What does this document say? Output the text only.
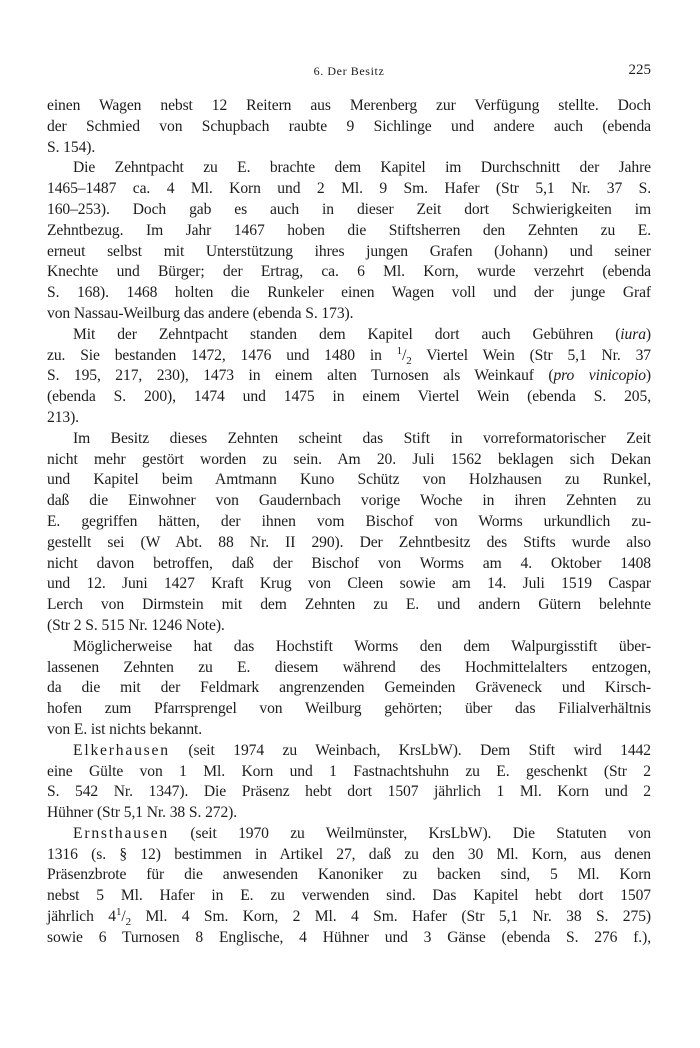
6. Der Besitz	225

einen Wagen nebst 12 Reitern aus Merenberg zur Verfügung stellte. Doch

der Schmied von Schupbach raubte 9 Sichlinge und andere auch (ebenda

S. 154).

Die Zehntpacht zu E. brachte dem Kapitel im Durchschnitt der Jahre

1465–1487 ca. 4 Ml. Korn und 2 Ml. 9 Sm. Hafer (Str 5,1 Nr. 37 S.

160–253). Doch gab es auch in dieser Zeit dort Schwierigkeiten im

Zehntbezug. Im Jahr 1467 hoben die Stiftsherren den Zehnten zu E.

erneut selbst mit Unterstützung ihres jungen Grafen (Johann) und seiner

Knechte und Bürger; der Ertrag, ca. 6 Ml. Korn, wurde verzehrt (ebenda

S. 168). 1468 holten die Runkeler einen Wagen voll und der junge Graf

von Nassau-Weilburg das andere (ebenda S. 173).

Mit der Zehntpacht standen dem Kapitel dort auch Gebühren (iura)

zu. Sie bestanden 1472, 1476 und 1480 in $^1/_2$ Viertel Wein (Str 5,1 Nr. 37

S. 195, 217, 230), 1473 in einem alten Turnosen als Weinkauf (pro vinicopio)

(ebenda S. 200), 1474 und 1475 in einem Viertel Wein (ebenda S. 205,

213).

Im Besitz dieses Zehnten scheint das Stift in vorreformatorischer Zeit

nicht mehr gestört worden zu sein. Am 20. Juli 1562 beklagen sich Dekan

und Kapitel beim Amtmann Kuno Schütz von Holzhausen zu Runkel,

daß die Einwohner von Gaudernbach vorige Woche in ihren Zehnten zu

E. gegriffen hätten, der ihnen vom Bischof von Worms urkundlich zu-

gestellt sei (W Abt. 88 Nr. II 290). Der Zehntbesitz des Stifts wurde also

nicht davon betroffen, daß der Bischof von Worms am 4. Oktober 1408

und 12. Juni 1427 Kraft Krug von Cleen sowie am 14. Juli 1519 Caspar

Lerch von Dirmstein mit dem Zehnten zu E. und andern Gütern belehnte

(Str 2 S. 515 Nr. 1246 Note).

Möglicherweise hat das Hochstift Worms den dem Walpurgisstift über-

lassenen Zehnten zu E. diesem während des Hochmittelalters entzogen,

da die mit der Feldmark angrenzenden Gemeinden Gräveneck und Kirsch-

hofen zum Pfarrsprengel von Weilburg gehörten; über das Filialverhältnis

von E. ist nichts bekannt.

Elkerhausen (seit 1974 zu Weinbach, KrsLbW). Dem Stift wird 1442

eine Gülte von 1 Ml. Korn und 1 Fastnachtshuhn zu E. geschenkt (Str 2

S. 542 Nr. 1347). Die Präsenz hebt dort 1507 jährlich 1 Ml. Korn und 2

Hühner (Str 5,1 Nr. 38 S. 272).

Ernsthausen (seit 1970 zu Weilmünster, KrsLbW). Die Statuten von

1316 (s. § 12) bestimmen in Artikel 27, daß zu den 30 Ml. Korn, aus denen

Präsenzbrote für die anwesenden Kanoniker zu backen sind, 5 Ml. Korn

nebst 5 Ml. Hafer in E. zu verwenden sind. Das Kapitel hebt dort 1507

jährlich $4^1/_2$ Ml. 4 Sm. Korn, 2 Ml. 4 Sm. Hafer (Str 5,1 Nr. 38 S. 275)

sowie 6 Turnosen 8 Englische, 4 Hühner und 3 Gänse (ebenda S. 276 f.),
